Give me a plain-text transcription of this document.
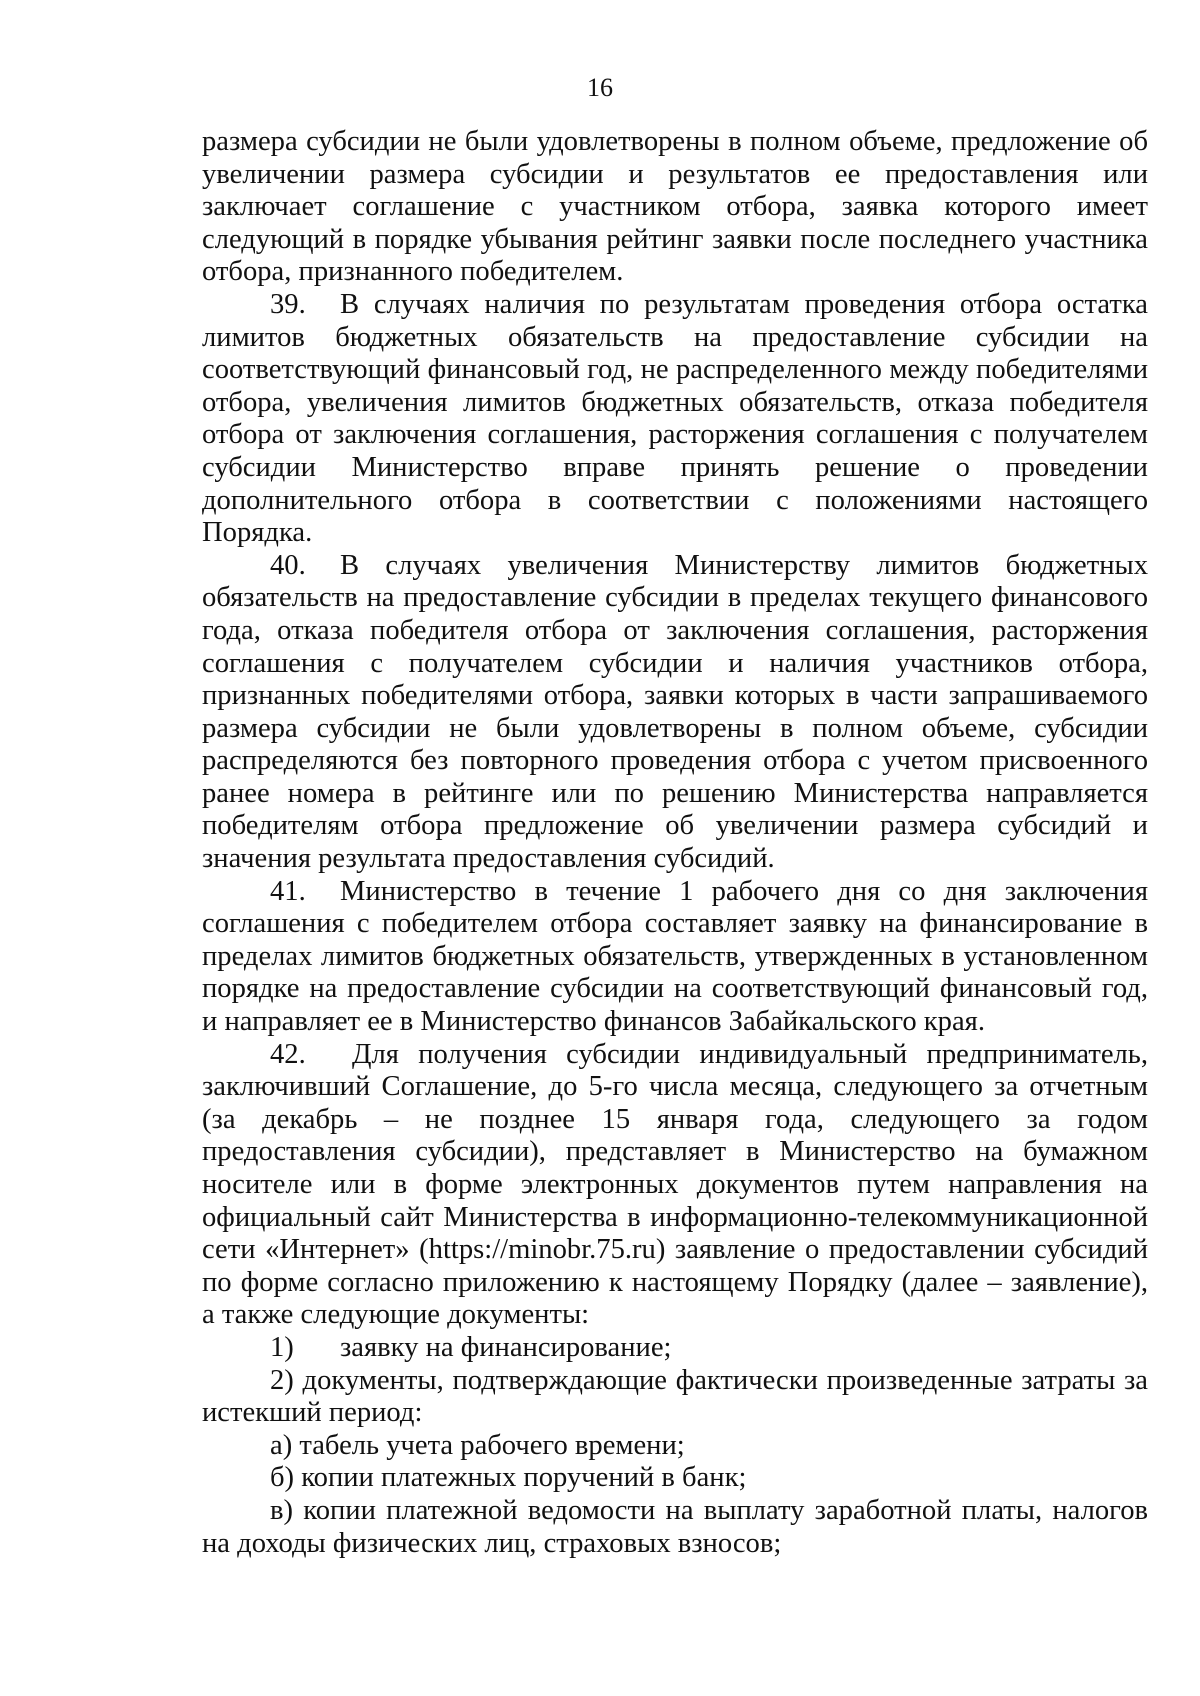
16

размера субсидии не были удовлетворены в полном объеме, предложение об увеличении размера субсидии и результатов ее предоставления или заключает соглашение с участником отбора, заявка которого имеет следующий в порядке убывания рейтинг заявки после последнего участника отбора, признанного победителем.

39. В случаях наличия по результатам проведения отбора остатка лимитов бюджетных обязательств на предоставление субсидии на соответствующий финансовый год, не распределенного между победителями отбора, увеличения лимитов бюджетных обязательств, отказа победителя отбора от заключения соглашения, расторжения соглашения с получателем субсидии Министерство вправе принять решение о проведении дополнительного отбора в соответствии с положениями настоящего Порядка.

40. В случаях увеличения Министерству лимитов бюджетных обязательств на предоставление субсидии в пределах текущего финансового года, отказа победителя отбора от заключения соглашения, расторжения соглашения с получателем субсидии и наличия участников отбора, признанных победителями отбора, заявки которых в части запрашиваемого размера субсидии не были удовлетворены в полном объеме, субсидии распределяются без повторного проведения отбора с учетом присвоенного ранее номера в рейтинге или по решению Министерства направляется победителям отбора предложение об увеличении размера субсидий и значения результата предоставления субсидий.

41. Министерство в течение 1 рабочего дня со дня заключения соглашения с победителем отбора составляет заявку на финансирование в пределах лимитов бюджетных обязательств, утвержденных в установленном порядке на предоставление субсидии на соответствующий финансовый год, и направляет ее в Министерство финансов Забайкальского края.

42. Для получения субсидии индивидуальный предприниматель, заключивший Соглашение, до 5-го числа месяца, следующего за отчетным (за декабрь – не позднее 15 января года, следующего за годом предоставления субсидии), представляет в Министерство на бумажном носителе или в форме электронных документов путем направления на официальный сайт Министерства в информационно-телекоммуникационной сети «Интернет» (https://minobr.75.ru) заявление о предоставлении субсидий по форме согласно приложению к настоящему Порядку (далее – заявление), а также следующие документы:

1) заявку на финансирование;

2) документы, подтверждающие фактически произведенные затраты за истекший период:

а) табель учета рабочего времени;

б) копии платежных поручений в банк;

в) копии платежной ведомости на выплату заработной платы, налогов на доходы физических лиц, страховых взносов;
